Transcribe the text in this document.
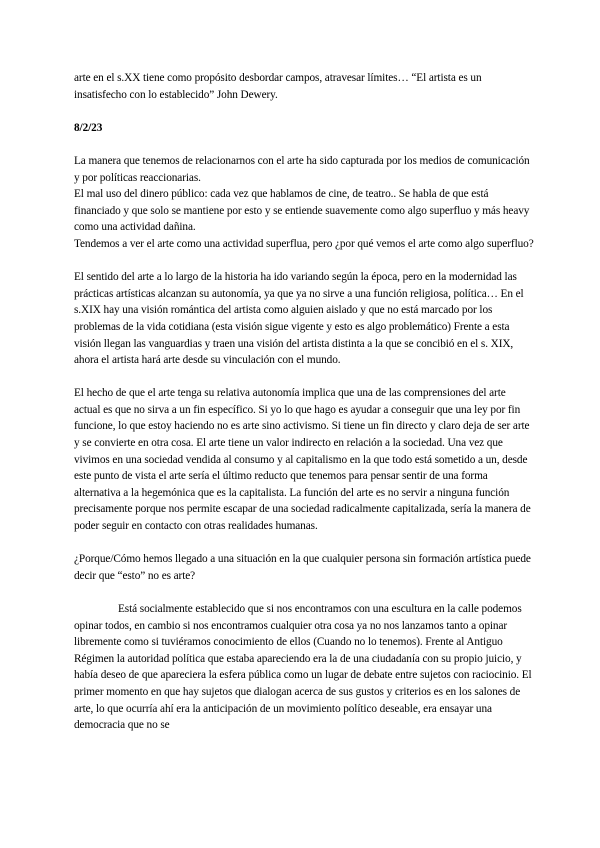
arte en el s.XX tiene como propósito desbordar campos, atravesar límites… “El artista es un insatisfecho con lo establecido” John Dewery.

8/2/23

La manera que tenemos de relacionarnos con el arte ha sido capturada por los medios de comunicación y por políticas reaccionarias.

El mal uso del dinero público: cada vez que hablamos de cine, de teatro.. Se habla de que está financiado y que solo se mantiene por esto y se entiende suavemente como algo superfluo y más heavy como una actividad dañina.

Tendemos a ver el arte como una actividad superflua, pero ¿por qué vemos el arte como algo superfluo?

El sentido del arte a lo largo de la historia ha ido variando según la época, pero en la modernidad las prácticas artísticas alcanzan su autonomía, ya que ya no sirve a una función religiosa, política… En el s.XIX hay una visión romántica del artista como alguien aislado y que no está marcado por los problemas de la vida cotidiana (esta visión sigue vigente y esto es algo problemático) Frente a esta visión llegan las vanguardias y traen una visión del artista distinta a la que se concibió en el s. XIX, ahora el artista hará arte desde su vinculación con el mundo.

El hecho de que el arte tenga su relativa autonomía implica que una de las comprensiones del arte actual es que no sirva a un fin específico. Si yo lo que hago es ayudar a conseguir que una ley por fin funcione, lo que estoy haciendo no es arte sino activismo. Si tiene un fin directo y claro deja de ser arte y se convierte en otra cosa. El arte tiene un valor indirecto en relación a la sociedad. Una vez que vivimos en una sociedad vendida al consumo y al capitalismo en la que todo está sometido a un, desde este punto de vista el arte sería el último reducto que tenemos para pensar sentir de una forma alternativa a la hegemónica que es la capitalista. La función del arte es no servir a ninguna función precisamente porque nos permite escapar de una sociedad radicalmente capitalizada, sería la manera de poder seguir en contacto con otras realidades humanas.

¿Porque/Cómo hemos llegado a una situación en la que cualquier persona sin formación artística puede decir que “esto” no es arte?

Está socialmente establecido que si nos encontramos con una escultura en la calle podemos opinar todos, en cambio si nos encontramos cualquier otra cosa ya no nos lanzamos tanto a opinar libremente como si tuviéramos conocimiento de ellos (Cuando no lo tenemos). Frente al Antiguo Régimen la autoridad política que estaba apareciendo era la de una ciudadanía con su propio juicio, y había deseo de que apareciera la esfera pública como un lugar de debate entre sujetos con raciocinio. El primer momento en que hay sujetos que dialogan acerca de sus gustos y criterios es en los salones de arte, lo que ocurría ahí era la anticipación de un movimiento político deseable, era ensayar una democracia que no se
